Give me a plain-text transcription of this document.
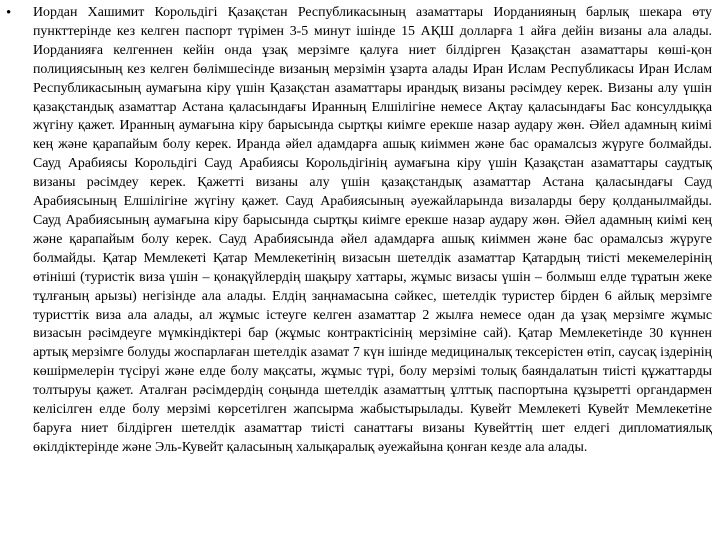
• Иордан Хашимит Корольдігі Қазақстан Республикасының азаматтары Иорданияның барлық шекара өту пункттерінде кез келген паспорт түрімен 3-5 минут ішінде 15 АҚШ долларға 1 айға дейін визаны ала алады. Иорданияға келгеннен кейін онда ұзақ мерзімге қалуға ниет білдірген Қазақстан азаматтары көші-қон полициясының кез келген бөлімшесінде визаның мерзімін ұзарта алады Иран Ислам Республикасы Иран Ислам Республикасының аумағына кіру үшін Қазақстан азаматтары ирандық визаны рәсімдеу керек. Визаны алу үшін қазақстандық азаматтар Астана қаласындағы Иранның Елшілігіне немесе Ақтау қаласындағы Бас консулдыққа жүгіну қажет. Иранның аумағына кіру барысында сыртқы киімге ерекше назар аудару жөн. Әйел адамның киімі кең және қарапайым болу керек. Иранда әйел адамдарға ашық киіммен және бас орамалсыз жүруге болмайды. Сауд Арабиясы Корольдігі Сауд Арабиясы Корольдігінің аумағына кіру үшін Қазақстан азаматтары саудтық визаны рәсімдеу керек. Қажетті визаны алу үшін қазақстандық азаматтар Астана қаласындағы Сауд Арабиясының Елшілігіне жүгіну қажет. Сауд Арабиясының әуежайларында визаларды беру қолданылмайды. Сауд Арабиясының аумағына кіру барысында сыртқы киімге ерекше назар аудару жөн. Әйел адамның киімі кең және қарапайым болу керек. Сауд Арабиясында әйел адамдарға ашық киіммен және бас орамалсыз жүруге болмайды. Қатар Мемлекеті Қатар Мемлекетінің визасын шетелдік азаматтар Қатардың тиісті мекемелерінің өтініші (туристік виза үшін – қонақүйлердің шақыру хаттары, жұмыс визасы үшін – болмыш елде тұратын жеке тұлғаның арызы) негізінде ала алады. Елдің заңнамасына сәйкес, шетелдік туристер бірден 6 айлық мерзімге туристтік виза ала алады, ал жұмыс істеуге келген азаматтар 2 жылға немесе одан да ұзақ мерзімге жұмыс визасын рәсімдеуге мүмкіндіктері бар (жұмыс контрактісінің мерзіміне сай). Қатар Мемлекетінде 30 күннен артық мерзімге болуды жоспарлаған шетелдік азамат 7 күн ішінде медициналық тексерістен өтіп, саусақ іздерінің көшірмелерін түсіруі және елде болу мақсаты, жұмыс түрі, болу мерзімі толық баяндалатын тиісті құжаттарды толтыруы қажет. Аталған рәсімдердің соңында шетелдік азаматтың ұлттық паспортына құзыретті органдармен келісілген елде болу мерзімі көрсетілген жапсырма жабыстырылады. Кувейт Мемлекеті Кувейт Мемлекетіне баруға ниет білдірген шетелдік азаматтар тиісті санаттағы визаны Кувейттің шет елдегі дипломатиялық өкілдіктерінде және Эль-Кувейт қаласының халықаралық әуежайына қонған кезде ала алады.
